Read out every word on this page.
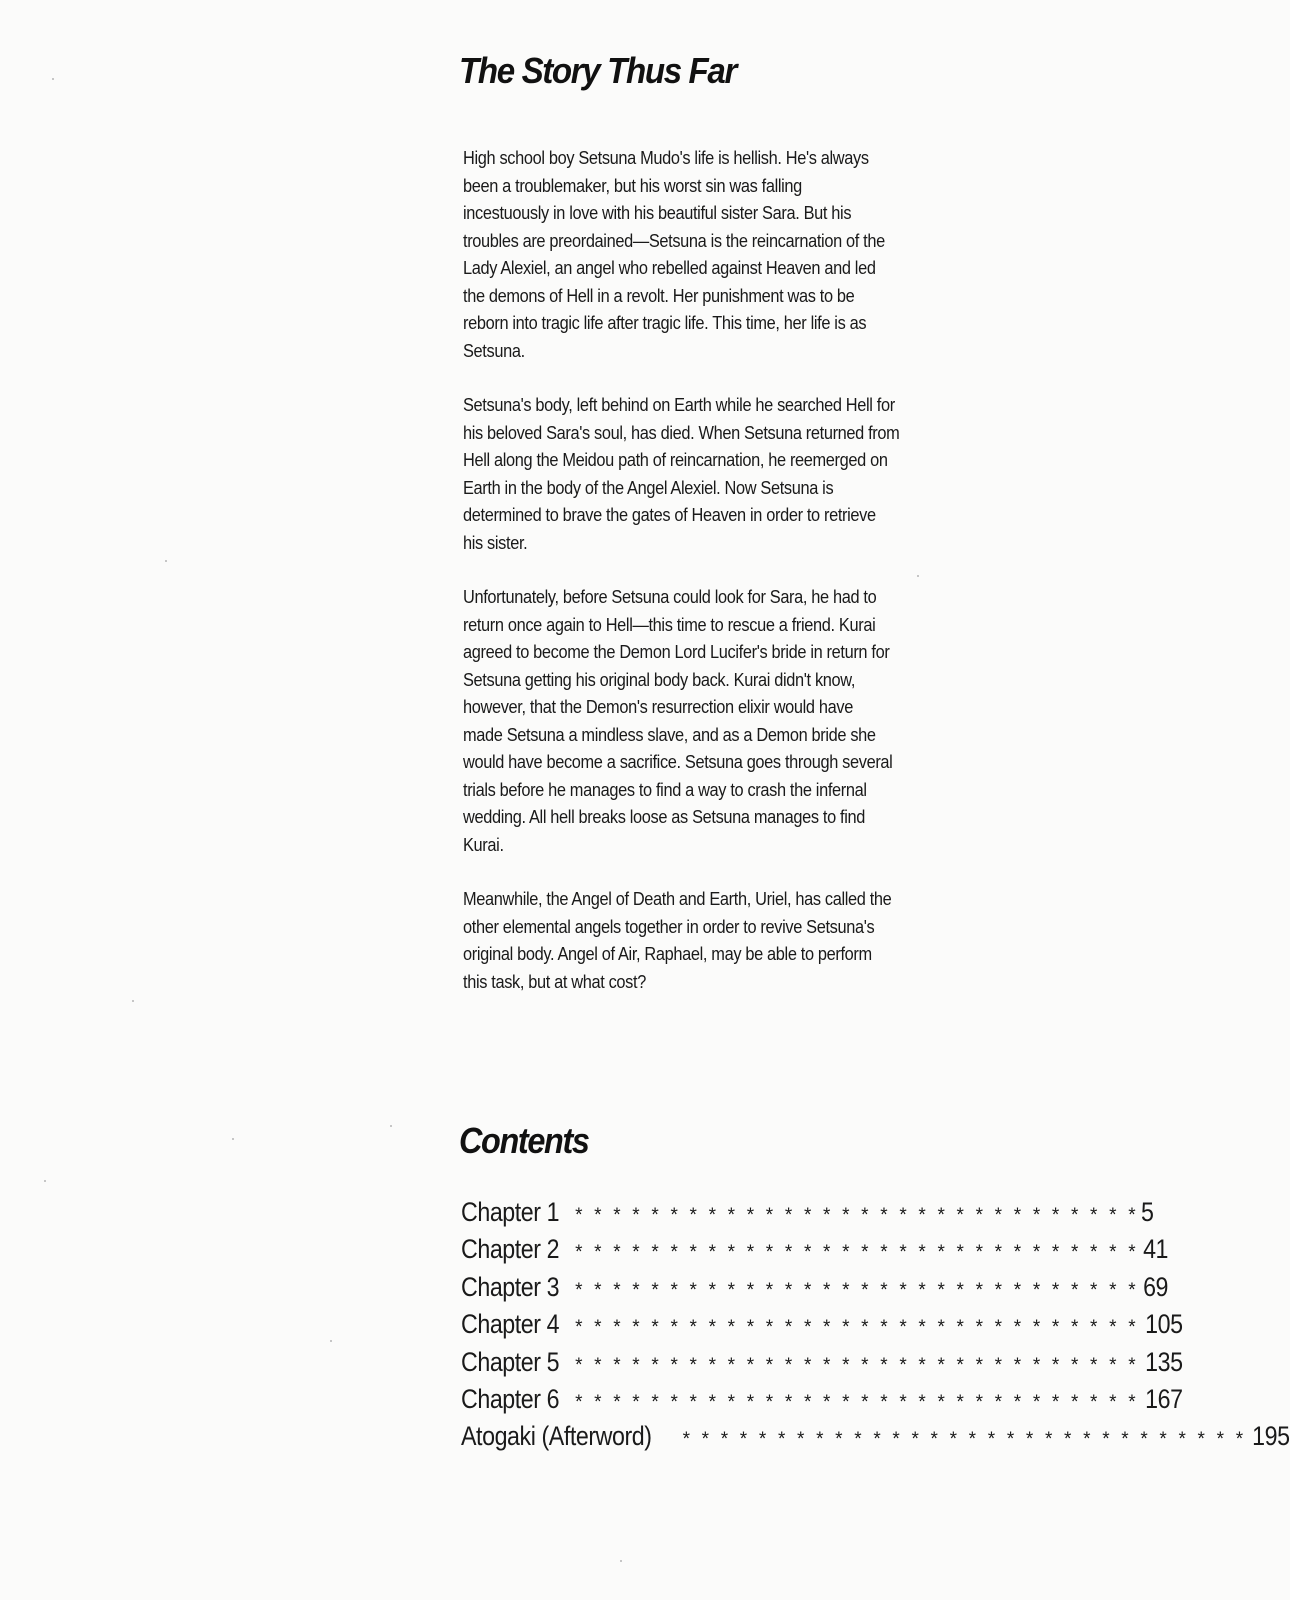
The Story Thus Far

High school boy Setsuna Mudo's life is hellish. He's always
been a troublemaker, but his worst sin was falling
incestuously in love with his beautiful sister Sara. But his
troubles are preordained—Setsuna is the reincarnation of the
Lady Alexiel, an angel who rebelled against Heaven and led
the demons of Hell in a revolt. Her punishment was to be
reborn into tragic life after tragic life. This time, her life is as
Setsuna.

Setsuna's body, left behind on Earth while he searched Hell for
his beloved Sara's soul, has died. When Setsuna returned from
Hell along the Meidou path of reincarnation, he reemerged on
Earth in the body of the Angel Alexiel. Now Setsuna is
determined to brave the gates of Heaven in order to retrieve
his sister.

Unfortunately, before Setsuna could look for Sara, he had to
return once again to Hell—this time to rescue a friend. Kurai
agreed to become the Demon Lord Lucifer's bride in return for
Setsuna getting his original body back. Kurai didn't know,
however, that the Demon's resurrection elixir would have
made Setsuna a mindless slave, and as a Demon bride she
would have become a sacrifice. Setsuna goes through several
trials before he manages to find a way to crash the infernal
wedding. All hell breaks loose as Setsuna manages to find
Kurai.

Meanwhile, the Angel of Death and Earth, Uriel, has called the
other elemental angels together in order to revive Setsuna's
original body. Angel of Air, Raphael, may be able to perform
this task, but at what cost?

Contents
Chapter 1 * * * * * * * * * * * * * * * * * * * * * * * * * * * * * * 5
Chapter 2 * * * * * * * * * * * * * * * * * * * * * * * * * * * * * * 41
Chapter 3 * * * * * * * * * * * * * * * * * * * * * * * * * * * * * * 69
Chapter 4 * * * * * * * * * * * * * * * * * * * * * * * * * * * * * * 105
Chapter 5 * * * * * * * * * * * * * * * * * * * * * * * * * * * * * * 135
Chapter 6 * * * * * * * * * * * * * * * * * * * * * * * * * * * * * * 167
Atogaki (Afterword) * * * * * * * * * * * * * * * * * * * * * * * * * * * * * * 195
